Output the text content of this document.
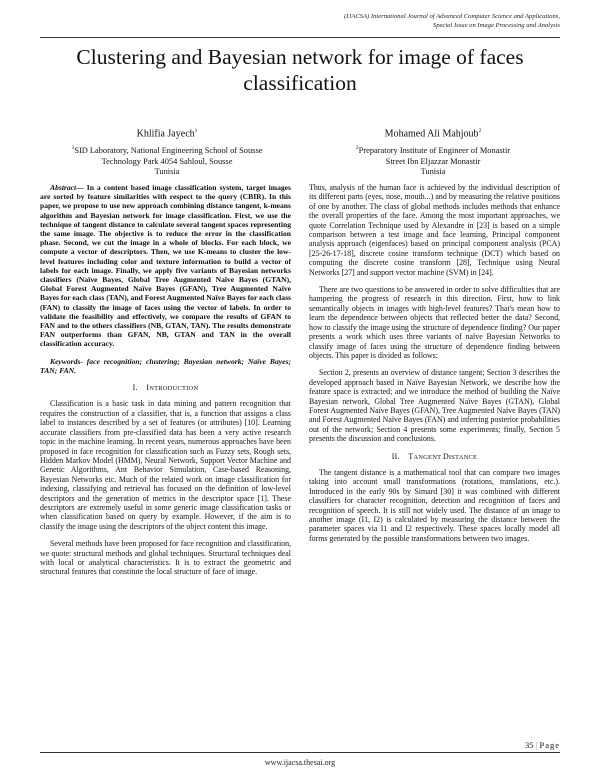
(IJACSA) International Journal of Advanced Computer Science and Applications,
Special Issue on Image Processing and Analysis
Clustering and Bayesian network for image of faces classification
Khlifia Jayech$^1$
$^1$SID Laboratory, National Engineering School of Sousse
Technology Park 4054 Sahloul, Sousse
Tunisia
Mohamed Ali Mahjoub$^2$
$^2$Preparatory Institute of Engineer of Monastir
Street Ibn Eljazzar Monastir
Tunisia
Abstract— In a content based image classification system, target images are sorted by feature similarities with respect to the query (CBIR). In this paper, we propose to use new approach combining distance tangent, k-means algorithm and Bayesian network for image classification. First, we use the technique of tangent distance to calculate several tangent spaces representing the same image. The objective is to reduce the error in the classification phase. Second, we cut the image in a whole of blocks. For each block, we compute a vector of descriptors. Then, we use K-means to cluster the low-level features including color and texture information to build a vector of labels for each image. Finally, we apply five variants of Bayesian networks classifiers (Naïve Bayes, Global Tree Augmented Naïve Bayes (GTAN), Global Forest Augmented Naïve Bayes (GFAN), Tree Augmented Naïve Bayes for each class (TAN), and Forest Augmented Naïve Bayes for each class (FAN) to classify the image of faces using the vector of labels. In order to validate the feasibility and effectively, we compare the results of GFAN to FAN and to the others classifiers (NB, GTAN, TAN). The results demonstrate FAN outperforms than GFAN, NB, GTAN and TAN in the overall classification accuracy.
Keywords- face recognition; clustering; Bayesian network; Naïve Bayes; TAN; FAN.
I. INTRODUCTION

Classification is a basic task in data mining and pattern recognition that requires the construction of a classifier, that is, a function that assigns a class label to instances described by a set of features (or attributes) [10]. Learning accurate classifiers from pre-classified data has been a very active research topic in the machine learning. In recent years, numerous approaches have been proposed in face recognition for classification such as Fuzzy sets, Rough sets, Hidden Markov Model (HMM), Neural Network, Support Vector Machine and Genetic Algorithms, Ant Behavior Simulation, Case-based Reasoning, Bayesian Networks etc. Much of the related work on image classification for indexing, classifying and retrieval has focused on the definition of low-level descriptors and the generation of metrics in the descriptor space [1]. These descriptors are extremely useful in some generic image classification tasks or when classification based on query by example. However, if the aim is to classify the image using the descriptors of the object content this image.

Several methods have been proposed for face recognition and classification, we quote: structural methods and global techniques. Structural techniques deal with local or analytical characteristics. It is to extract the geometric and structural features that constitute the local structure of face of image.

Thus, analysis of the human face is achieved by the individual description of its different parts (eyes, nose, mouth...) and by measuring the relative positions of one by another. The class of global methods includes methods that enhance the overall properties of the face. Among the most important approaches, we quote Correlation Technique used by Alexandre in [23] is based on a simple comparison between a test image and face learning, Principal component analysis approach (eigenfaces) based on principal component analysis (PCA) [25-26-17-18], discrete cosine transform technique (DCT) which based on computing the discrete cosine transform [28], Technique using Neural Networks [27] and support vector machine (SVM) in [24].

There are two questions to be answered in order to solve difficulties that are hampering the progress of research in this direction. First, how to link semantically objects in images with high-level features? That's mean how to learn the dependence between objects that reflected better the data? Second, how to classify the image using the structure of dependence finding? Our paper presents a work which uses three variants of naïve Bayesian Networks to classify image of faces using the structure of dependence finding between objects. This paper is divided as follows:

Section 2, presents an overview of distance tangent; Section 3 describes the developed approach based in Naïve Bayesian Network, we describe how the feature space is extracted; and we introduce the method of building the Naïve Bayesian network, Global Tree Augmented Naïve Bayes (GTAN), Global Forest Augmented Naïve Bayes (GFAN), Tree Augmented Naïve Bayes (TAN) and Forest Augmented Naïve Bayes (FAN) and inferring posterior probabilities out of the network; Section 4 presents some experiments; finally, Section 5 presents the discussion and conclusions.

II. TANGENT DISTANCE

The tangent distance is a mathematical tool that can compare two images taking into account small transformations (rotations, translations, etc.). Introduced in the early 90s by Simard [30] it was combined with different classifiers for character recognition, detection and recognition of faces and recognition of speech. It is still not widely used. The distance of an image to another image (I1, I2) is calculated by measuring the distance between the parameter spaces via I1 and I2 respectively. These spaces locally model all forms generated by the possible transformations between two images.

35 | Page
www.ijacsa.thesai.org
